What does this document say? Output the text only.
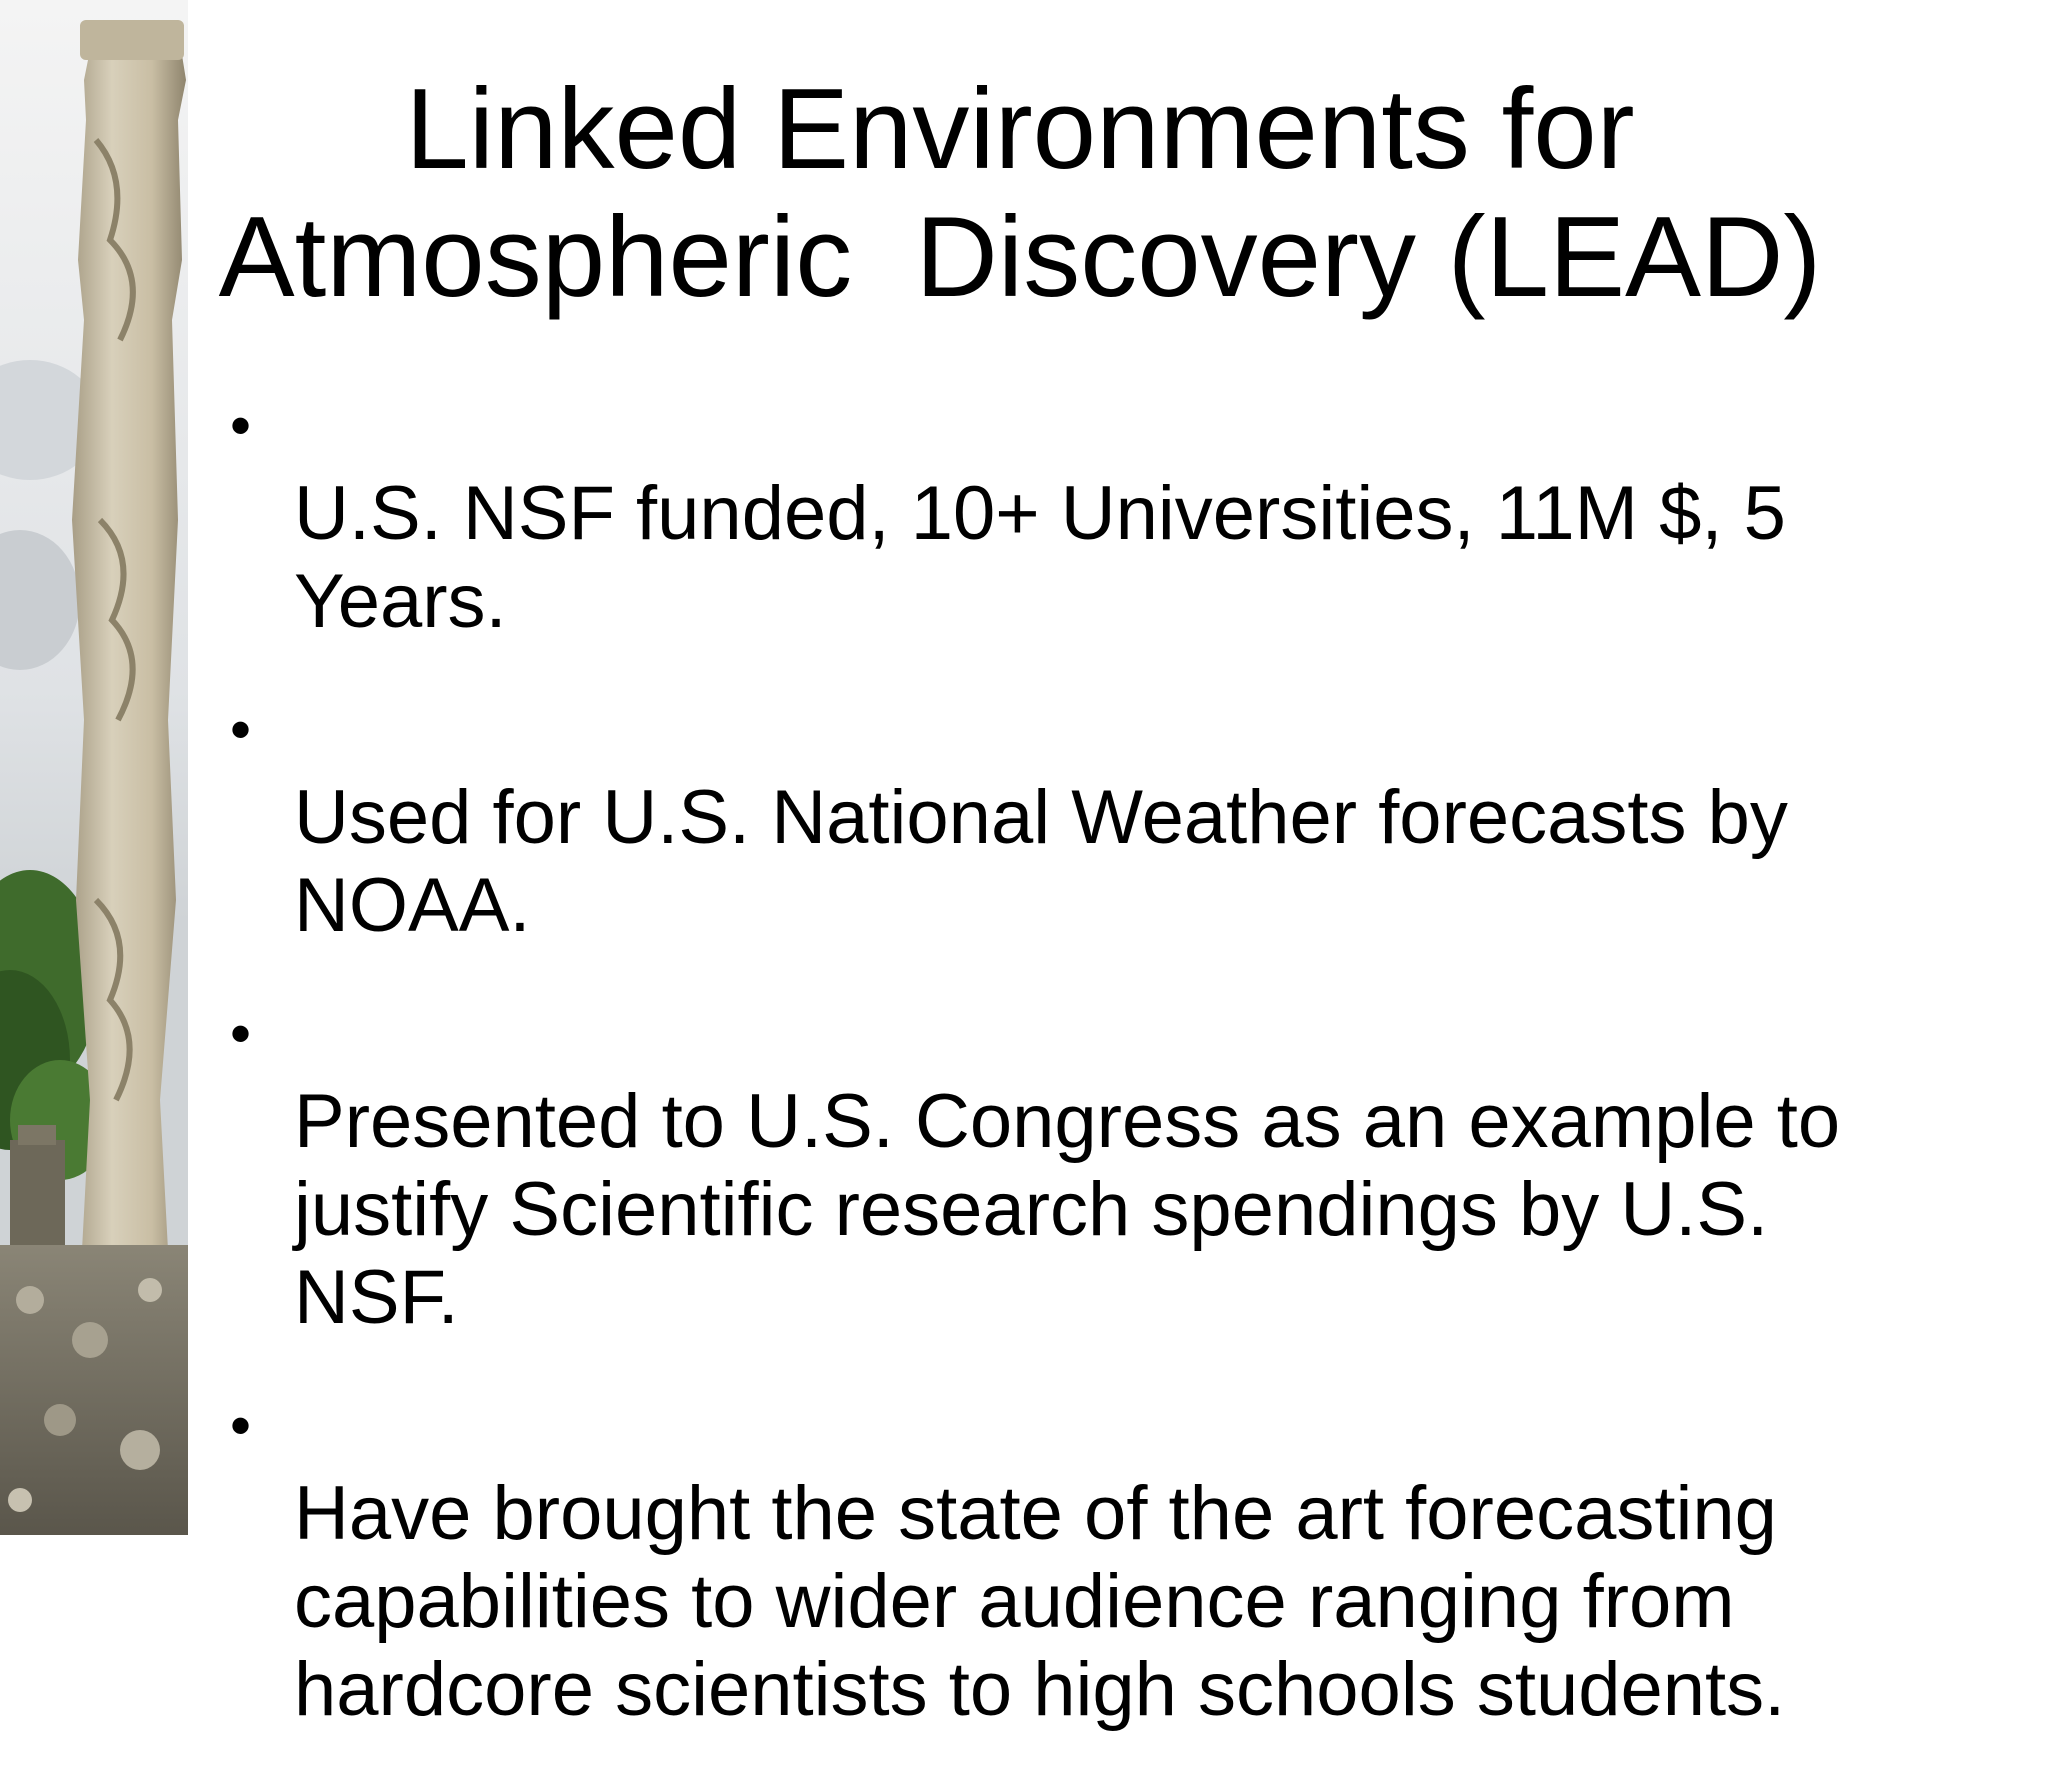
Linked Environments for
Atmospheric  Discovery (LEAD)

•
U.S. NSF funded, 10+ Universities, 11M $, 5
Years.

•
Used for U.S. National Weather forecasts by
NOAA.

•
Presented to U.S. Congress as an example to
justify Scientific research spendings by U.S.
NSF.

•
Have brought the state of the art forecasting
capabilities to wider audience ranging from
hardcore scientists to high schools students.
